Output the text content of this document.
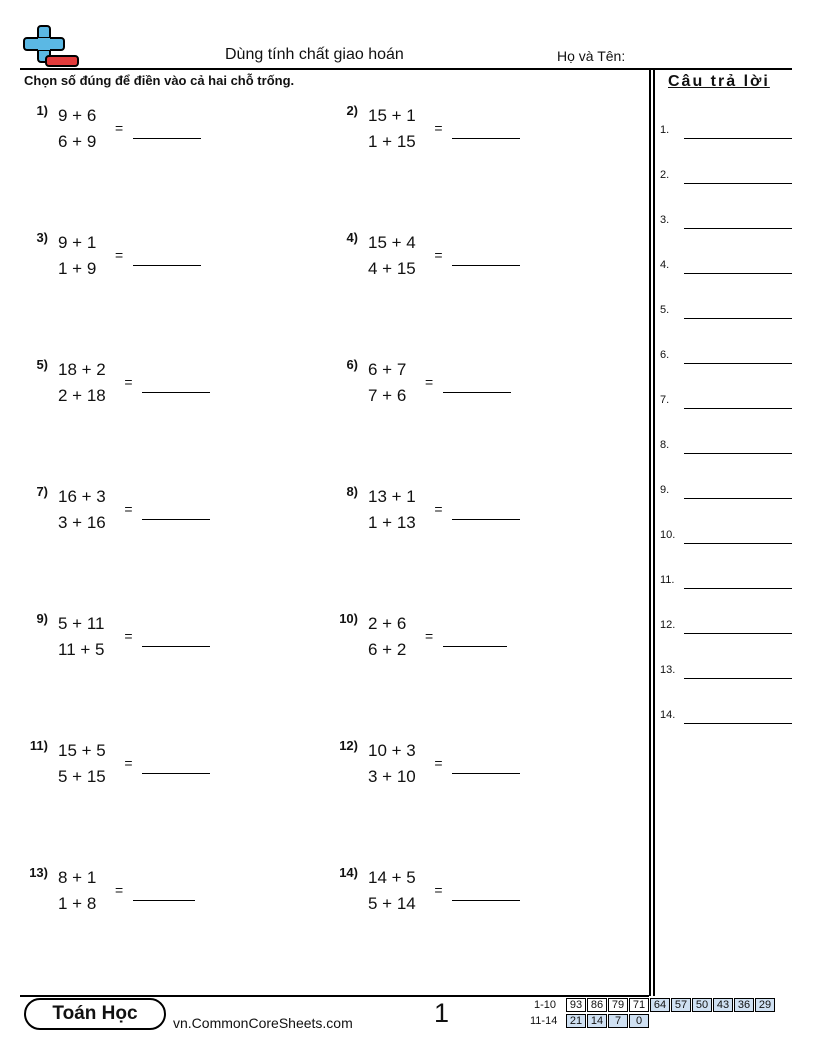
Dùng tính chất giao hoán	Họ và Tên:
Chọn số đúng để điền vào cả hai chỗ trống.	Câu trả lời
1.
2.
3.
4.
5.
6.
7.
8.
9.
10.
11.
12.
13.
14.
1) 9 + 6
6 + 9
=
2) 15 + 1
1 + 15
=
3) 9 + 1
1 + 9
=
4) 15 + 4
4 + 15
=
5) 18 + 2
2 + 18
=
6) 6 + 7
7 + 6
=
7) 16 + 3
3 + 16
=
8) 13 + 1
1 + 13
=
9) 5 + 11
11 + 5
=
10) 2 + 6
6 + 2
=
11) 15 + 5
5 + 15
=
12) 10 + 3
3 + 10
=
13) 8 + 1
1 + 8
=
14) 14 + 5
5 + 14
=
Toán Học	vn.CommonCoreSheets.com	1	1-10	93 86 79 71 64 57 50 43 36 29
11-14	21 14	7	0
